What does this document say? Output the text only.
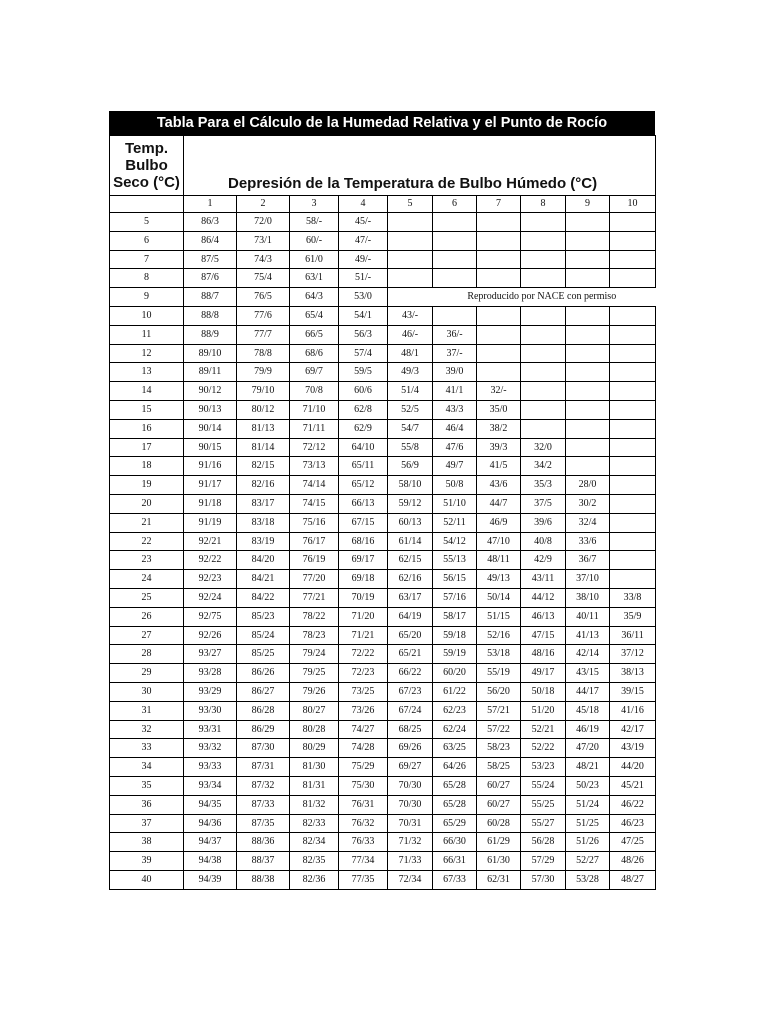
Tabla Para el Cálculo de la Humedad Relativa y el Punto de Rocío
Temp.
Bulbo
Seco (°C)	Depresión de la Temperatura de Bulbo Húmedo (°C)									
	1	2	3	4	5	6	7	8	9	10
5	86/3	72/0	58/-	45/-						
6	86/4	73/1	60/-	47/-						
7	87/5	74/3	61/0	49/-						
8	87/6	75/4	63/1	51/-						
9	88/7	76/5	64/3	53/0	Reproducido por NACE con permiso					
10	88/8	77/6	65/4	54/1	43/-					
11	88/9	77/7	66/5	56/3	46/-	36/-				
12	89/10	78/8	68/6	57/4	48/1	37/-				
13	89/11	79/9	69/7	59/5	49/3	39/0				
14	90/12	79/10	70/8	60/6	51/4	41/1	32/-			
15	90/13	80/12	71/10	62/8	52/5	43/3	35/0			
16	90/14	81/13	71/11	62/9	54/7	46/4	38/2			
17	90/15	81/14	72/12	64/10	55/8	47/6	39/3	32/0		
18	91/16	82/15	73/13	65/11	56/9	49/7	41/5	34/2		
19	91/17	82/16	74/14	65/12	58/10	50/8	43/6	35/3	28/0	
20	91/18	83/17	74/15	66/13	59/12	51/10	44/7	37/5	30/2	
21	91/19	83/18	75/16	67/15	60/13	52/11	46/9	39/6	32/4	
22	92/21	83/19	76/17	68/16	61/14	54/12	47/10	40/8	33/6	
23	92/22	84/20	76/19	69/17	62/15	55/13	48/11	42/9	36/7	
24	92/23	84/21	77/20	69/18	62/16	56/15	49/13	43/11	37/10	
25	92/24	84/22	77/21	70/19	63/17	57/16	50/14	44/12	38/10	33/8
26	92/75	85/23	78/22	71/20	64/19	58/17	51/15	46/13	40/11	35/9
27	92/26	85/24	78/23	71/21	65/20	59/18	52/16	47/15	41/13	36/11
28	93/27	85/25	79/24	72/22	65/21	59/19	53/18	48/16	42/14	37/12
29	93/28	86/26	79/25	72/23	66/22	60/20	55/19	49/17	43/15	38/13
30	93/29	86/27	79/26	73/25	67/23	61/22	56/20	50/18	44/17	39/15
31	93/30	86/28	80/27	73/26	67/24	62/23	57/21	51/20	45/18	41/16
32	93/31	86/29	80/28	74/27	68/25	62/24	57/22	52/21	46/19	42/17
33	93/32	87/30	80/29	74/28	69/26	63/25	58/23	52/22	47/20	43/19
34	93/33	87/31	81/30	75/29	69/27	64/26	58/25	53/23	48/21	44/20
35	93/34	87/32	81/31	75/30	70/30	65/28	60/27	55/24	50/23	45/21
36	94/35	87/33	81/32	76/31	70/30	65/28	60/27	55/25	51/24	46/22
37	94/36	87/35	82/33	76/32	70/31	65/29	60/28	55/27	51/25	46/23
38	94/37	88/36	82/34	76/33	71/32	66/30	61/29	56/28	51/26	47/25
39	94/38	88/37	82/35	77/34	71/33	66/31	61/30	57/29	52/27	48/26
40	94/39	88/38	82/36	77/35	72/34	67/33	62/31	57/30	53/28	48/27
